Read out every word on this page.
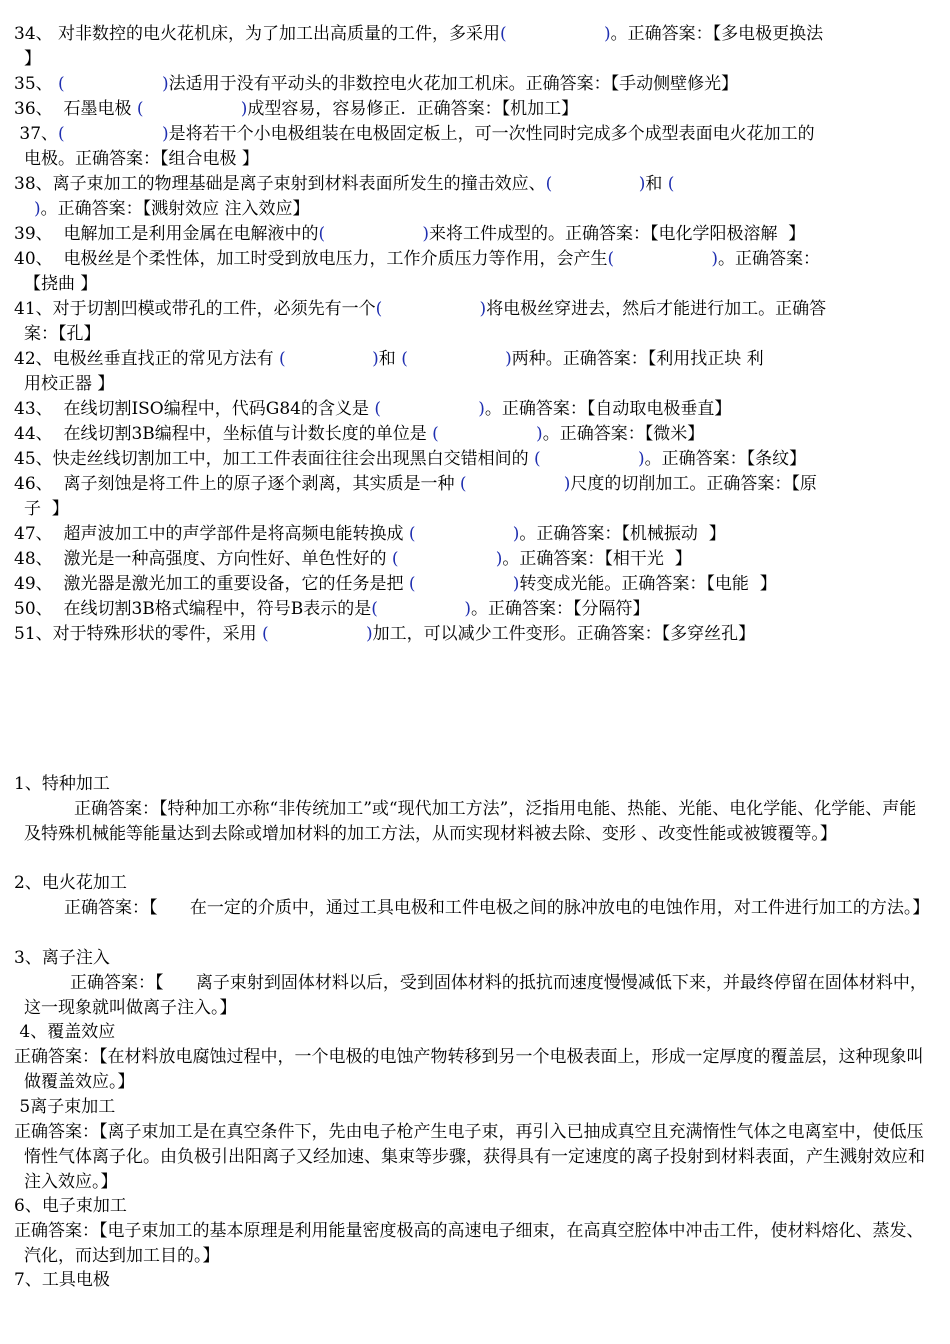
34、 对非数控的电火花机床，为了加工出高质量的工件，多采用(                  )。正确答案：【多电极更换法
】
35、 (                  )法适用于没有平动头的非数控电火花加工机床。正确答案：【手动侧壁修光】
36、  石墨电极 (                  )成型容易，容易修正.  正确答案：【机加工】
37、(                  )是将若干个小电极组装在电极固定板上，可一次性同时完成多个成型表面电火花加工的
电极。正确答案：【组合电极 】
38、离子束加工的物理基础是离子束射到材料表面所发生的撞击效应、(                )和 (
)。正确答案：【溅射效应 注入效应】
39、  电解加工是利用金属在电解液中的(                  )来将工件成型的。正确答案：【电化学阳极溶解  】
40、  电极丝是个柔性体，加工时受到放电压力，工作介质压力等作用，会产生(                  )。正确答案：
【挠曲 】
41、对于切割凹模或带孔的工件，必须先有一个(                  )将电极丝穿进去，然后才能进行加工。正确答
案：【孔】
42、电极丝垂直找正的常见方法有 (                )和 (                  )两种。正确答案：【利用找正块 利
用校正器 】
43、  在线切割ISO编程中，代码G84的含义是 (                  )。正确答案：【自动取电极垂直】
44、  在线切割3B编程中，坐标值与计数长度的单位是 (                  )。正确答案：【微米】
45、快走丝线切割加工中，加工工件表面往往会出现黑白交错相间的 (                  )。正确答案：【条纹】
46、  离子刻蚀是将工件上的原子逐个剥离，其实质是一种 (                  )尺度的切削加工。正确答案：【原
子  】
47、  超声波加工中的声学部件是将高频电能转换成 (                  )。正确答案：【机械振动  】
48、  激光是一种高强度、方向性好、单色性好的 (                  )。正确答案：【相干光  】
49、  激光器是激光加工的重要设备，它的任务是把 (                  )转变成光能。正确答案：【电能  】
50、  在线切割3B格式编程中，符号B表示的是(                )。正确答案：【分隔符】
51、对于特殊形状的零件，采用 (                  )加工，可以减少工件变形。正确答案：【多穿丝孔】
1、特种加工
正确答案：【特种加工亦称“非传统加工”或“现代加工方法”，泛指用电能、热能、光能、电化学能、化学能、声能及特殊机械能等能量达到去除或增加材料的加工方法，从而实现材料被去除、变形 、改变性能或被镀覆等。】
2、电火花加工
正确答案：【      在一定的介质中，通过工具电极和工件电极之间的脉冲放电的电蚀作用，对工件进行加工的方法。】
3、离子注入
正确答案：【      离子束射到固体材料以后，受到固体材料的抵抗而速度慢慢减低下来，并最终停留在固体材料中，这一现象就叫做离子注入。】
4、覆盖效应
正确答案：【在材料放电腐蚀过程中，一个电极的电蚀产物转移到另一个电极表面上，形成一定厚度的覆盖层，这种现象叫做覆盖效应。】
5离子束加工
正确答案：【离子束加工是在真空条件下，先由电子枪产生电子束，再引入已抽成真空且充满惰性气体之电离室中，使低压惰性气体离子化。由负极引出阳离子又经加速、集束等步骤，获得具有一定速度的离子投射到材料表面，产生溅射效应和注入效应。】
6、电子束加工
正确答案：【电子束加工的基本原理是利用能量密度极高的高速电子细束，在高真空腔体中冲击工件，使材料熔化、蒸发、汽化，而达到加工目的。】
7、工具电极
